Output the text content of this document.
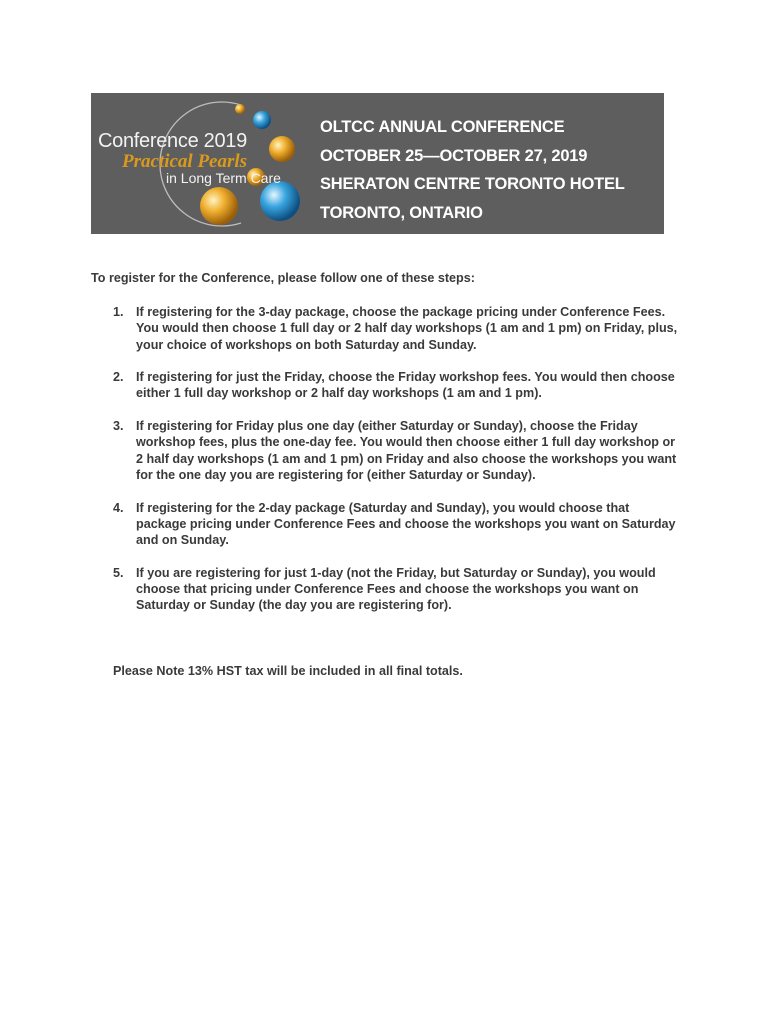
Conference 2019
Practical Pearls
in Long Term Care
OLTCC ANNUAL CONFERENCE
OCTOBER 25—OCTOBER 27, 2019
SHERATON CENTRE TORONTO HOTEL
TORONTO, ONTARIO
To register for the Conference, please follow one of these steps:
1. If registering for the 3-day package, choose the package pricing under Conference Fees. You would then choose 1 full day or 2 half day workshops (1 am and 1 pm) on Friday, plus, your choice of workshops on both Saturday and Sunday.
2. If registering for just the Friday, choose the Friday workshop fees. You would then choose either 1 full day workshop or 2 half day workshops (1 am and 1 pm).
3. If registering for Friday plus one day (either Saturday or Sunday), choose the Friday workshop fees, plus the one-day fee. You would then choose either 1 full day workshop or 2 half day workshops (1 am and 1 pm) on Friday and also choose the workshops you want for the one day you are registering for (either Saturday or Sunday).
4. If registering for the 2-day package (Saturday and Sunday), you would choose that package pricing under Conference Fees and choose the workshops you want on Saturday and on Sunday.
5. If you are registering for just 1-day (not the Friday, but Saturday or Sunday), you would choose that pricing under Conference Fees and choose the workshops you want on Saturday or Sunday (the day you are registering for).
Please Note 13% HST tax will be included in all final totals.
